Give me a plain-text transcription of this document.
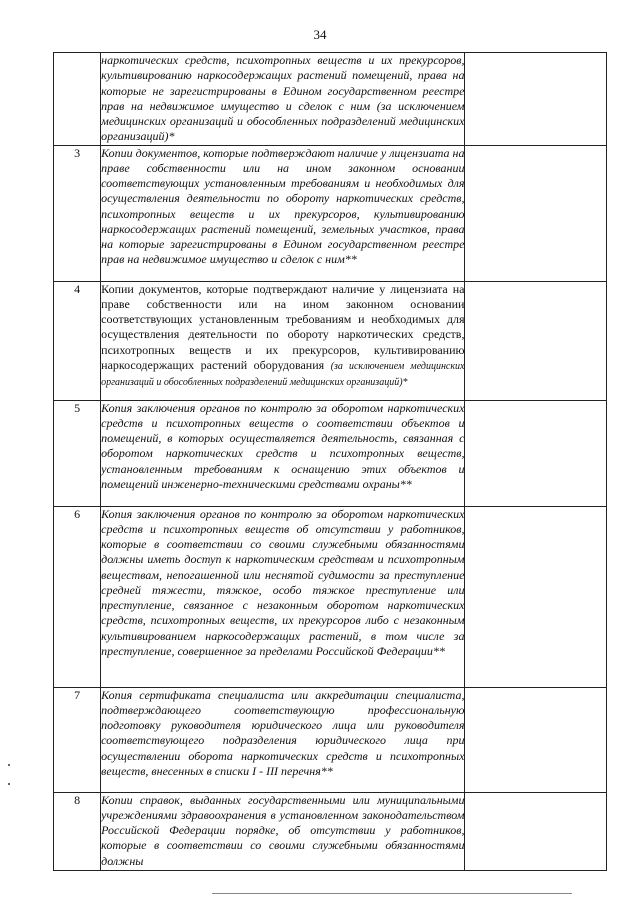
34
	наркотических средств, психотропных веществ и их прекурсоров, культивированию наркосодержащих растений помещений, права на которые не зарегистрированы в Едином государственном реестре прав на недвижимое имущество и сделок с ним (за исключением медицинских организаций и обособленных подразделений медицинских организаций)*	
3	Копии документов, которые подтверждают наличие у лицензиата на праве собственности или на ином законном основании соответствующих установленным требованиям и необходимых для осуществления деятельности по обороту наркотических средств, психотропных веществ и их прекурсоров, культивированию наркосодержащих растений помещений, земельных участков, права на которые зарегистрированы в Едином государственном реестре прав на недвижимое имущество и сделок с ним**	
4	Копии документов, которые подтверждают наличие у лицензиата на праве собственности или на ином законном основании соответствующих установленным требованиям и необходимых для осуществления деятельности по обороту наркотических средств, психотропных веществ и их прекурсоров, культивированию наркосодержащих растений оборудования (за исключением медицинских организаций и обособленных подразделений медицинских организаций)*	
5	Копия заключения органов по контролю за оборотом наркотических средств и психотропных веществ о соответствии объектов и помещений, в которых осуществляется деятельность, связанная с оборотом наркотических средств и психотропных веществ, установленным требованиям к оснащению этих объектов и помещений инженерно-техническими средствами охраны**	
6	Копия заключения органов по контролю за оборотом наркотических средств и психотропных веществ об отсутствии у работников, которые в соответствии со своими служебными обязанностями должны иметь доступ к наркотическим средствам и психотропным веществам, непогашенной или неснятой судимости за преступление средней тяжести, тяжкое, особо тяжкое преступление или преступление, связанное с незаконным оборотом наркотических средств, психотропных веществ, их прекурсоров либо с незаконным культивированием наркосодержащих растений, в том числе за преступление, совершенное за пределами Российской Федерации**	
7	Копия сертификата специалиста или аккредитации специалиста, подтверждающего соответствующую профессиональную подготовку руководителя юридического лица или руководителя соответствующего подразделения юридического лица при осуществлении оборота наркотических средств и психотропных веществ, внесенных в списки I - III перечня**	
8	Копии справок, выданных государственными или муниципальными учреждениями здравоохранения в установленном законодательством Российской Федерации порядке, об отсутствии у работников, которые в соответствии со своими служебными обязанностями должны	
